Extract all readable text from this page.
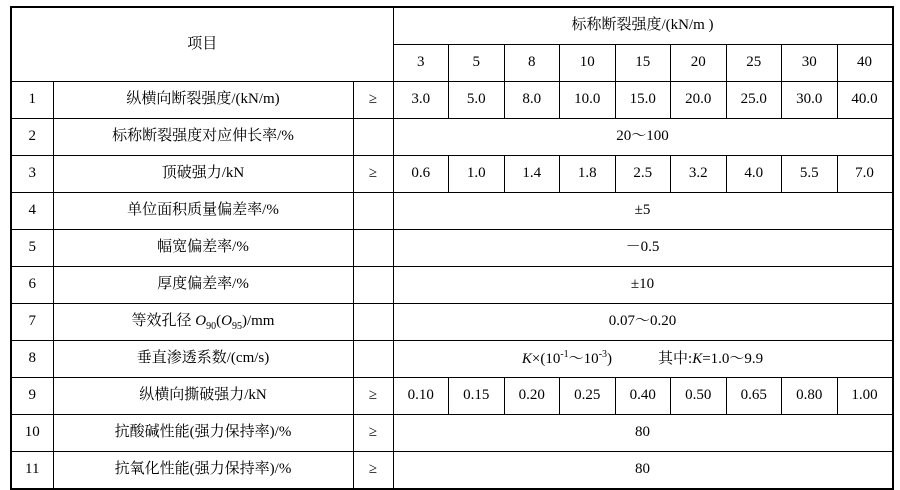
项目			标称断裂强度/(kN/m )								
			3	5	8	10	15	20	25	30	40
1	纵横向断裂强度/(kN/m)	≥	3.0	5.0	8.0	10.0	15.0	20.0	25.0	30.0	40.0
2	标称断裂强度对应伸长率/%		20～100								
3	顶破强力/kN	≥	0.6	1.0	1.4	1.8	2.5	3.2	4.0	5.5	7.0
4	单位面积质量偏差率/%		±5								
5	幅宽偏差率/%		－0.5								
6	厚度偏差率/%		±10								
7	等效孔径 $O_{90}(O_{95})/mm$		0.07～0.20								
8	垂直渗透系数/(cm/s)		$K\times(10^{-1}\sim 10^{-3})$ 其中:K=1.0～9.9								
9	纵横向撕破强力/kN	≥	0.10	0.15	0.20	0.25	0.40	0.50	0.65	0.80	1.00
10	抗酸碱性能(强力保持率)/%	≥	80								
11	抗氧化性能(强力保持率)/%	≥	80								
